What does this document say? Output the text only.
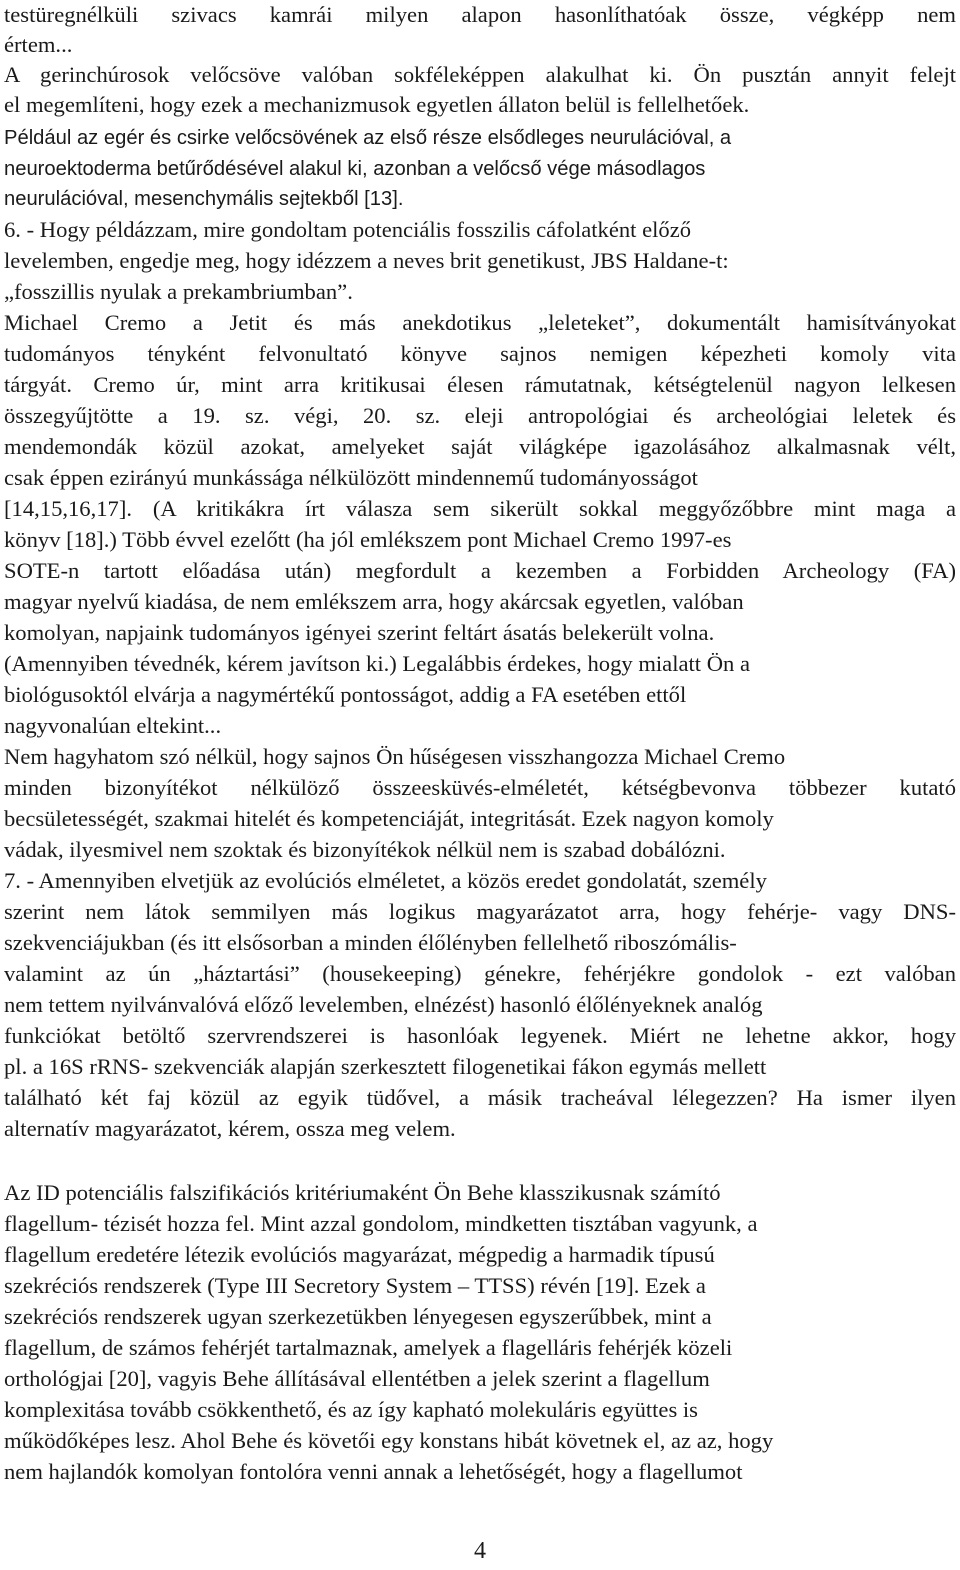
testüregnélküli szivacs kamrái milyen alapon hasonlíthatóak össze, végképp nem
értem...
A gerinchúrosok velőcsöve valóban sokféleképpen alakulhat ki. Ön pusztán annyit felejt
el megemlíteni, hogy ezek a mechanizmusok egyetlen állaton belül is fellelhetőek.
Például az egér és csirke velőcsövének az első része elsődleges neurulációval, a
neuroektoderma betűrődésével alakul ki, azonban a velőcső vége másodlagos
neurulációval, mesenchymális sejtekből [13].
6. - Hogy példázzam, mire gondoltam potenciális fosszilis cáfolatként előző
levelemben, engedje meg, hogy idézzem a neves brit genetikust, JBS Haldane-t:
„fosszillis nyulak a prekambriumban”.
Michael Cremo a Jetit és más anekdotikus „leleteket”, dokumentált hamisítványokat
tudományos tényként felvonultató könyve sajnos nemigen képezheti komoly vita
tárgyát. Cremo úr, mint arra kritikusai élesen rámutatnak, kétségtelenül nagyon lelkesen
összegyűjtötte a 19. sz. végi, 20. sz. eleji antropológiai és archeológiai leletek és
mendemondák közül azokat, amelyeket saját világképe igazolásához alkalmasnak vélt,
csak éppen ezirányú munkássága nélkülözött mindennemű tudományosságot
[14,15,16,17]. (A kritikákra írt válasza sem sikerült sokkal meggyőzőbbre mint maga a
könyv [18].) Több évvel ezelőtt (ha jól emlékszem pont Michael Cremo 1997-es
SOTE-n tartott előadása után) megfordult a kezemben a Forbidden Archeology (FA)
magyar nyelvű kiadása, de nem emlékszem arra, hogy akárcsak egyetlen, valóban
komolyan, napjaink tudományos igényei szerint feltárt ásatás belekerült volna.
(Amennyiben tévednék, kérem javítson ki.) Legalábbis érdekes, hogy mialatt Ön a
biológusoktól elvárja a nagymértékű pontosságot, addig a FA esetében ettől
nagyvonalúan eltekint...
Nem hagyhatom szó nélkül, hogy sajnos Ön hűségesen visszhangozza Michael Cremo
minden bizonyítékot nélkülöző összeesküvés-elméletét, kétségbevonva többezer kutató
becsületességét, szakmai hitelét és kompetenciáját, integritását. Ezek nagyon komoly
vádak, ilyesmivel nem szoktak és bizonyítékok nélkül nem is szabad dobálózni.
7. - Amennyiben elvetjük az evolúciós elméletet, a közös eredet gondolatát, személy
szerint nem látok semmilyen más logikus magyarázatot arra, hogy fehérje- vagy DNS-
szekvenciájukban (és itt elsősorban a minden élőlényben fellelhető riboszómális-
valamint az ún „háztartási” (housekeeping) génekre, fehérjékre gondolok - ezt valóban
nem tettem nyilvánvalóvá előző levelemben, elnézést) hasonló élőlényeknek analóg
funkciókat betöltő szervrendszerei is hasonlóak legyenek. Miért ne lehetne akkor, hogy
pl. a 16S rRNS- szekvenciák alapján szerkesztett filogenetikai fákon egymás mellett
található két faj közül az egyik tüdővel, a másik tracheával lélegezzen? Ha ismer ilyen
alternatív magyarázatot, kérem, ossza meg velem.
Az ID potenciális falszifikációs kritériumaként Ön Behe klasszikusnak számító
flagellum- tézisét hozza fel. Mint azzal gondolom, mindketten tisztában vagyunk, a
flagellum eredetére létezik evolúciós magyarázat, mégpedig a harmadik típusú
szekréciós rendszerek (Type III Secretory System – TTSS) révén [19]. Ezek a
szekréciós rendszerek ugyan szerkezetükben lényegesen egyszerűbbek, mint a
flagellum, de számos fehérjét tartalmaznak, amelyek a flagelláris fehérjék közeli
orthológjai [20], vagyis Behe állításával ellentétben a jelek szerint a flagellum
komplexitása tovább csökkenthető, és az így kapható molekuláris együttes is
működőképes lesz. Ahol Behe és követői egy konstans hibát követnek el, az az, hogy
nem hajlandók komolyan fontolóra venni annak a lehetőségét, hogy a flagellumot
4
